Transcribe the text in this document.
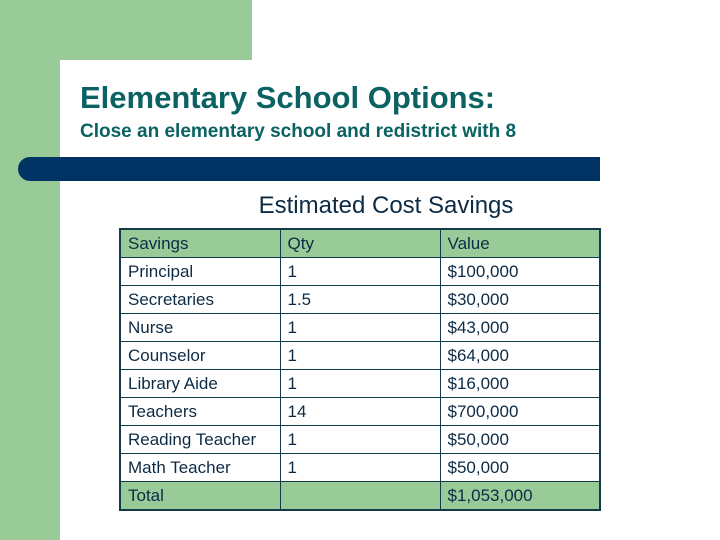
Elementary School Options:
Close an elementary school and redistrict with 8
Estimated Cost Savings
Savings	Qty	Value
Principal	1	$100,000
Secretaries	1.5	$30,000
Nurse	1	$43,000
Counselor	1	$64,000
Library Aide	1	$16,000
Teachers	14	$700,000
Reading Teacher	1	$50,000
Math Teacher	1	$50,000
Total		$1,053,000
